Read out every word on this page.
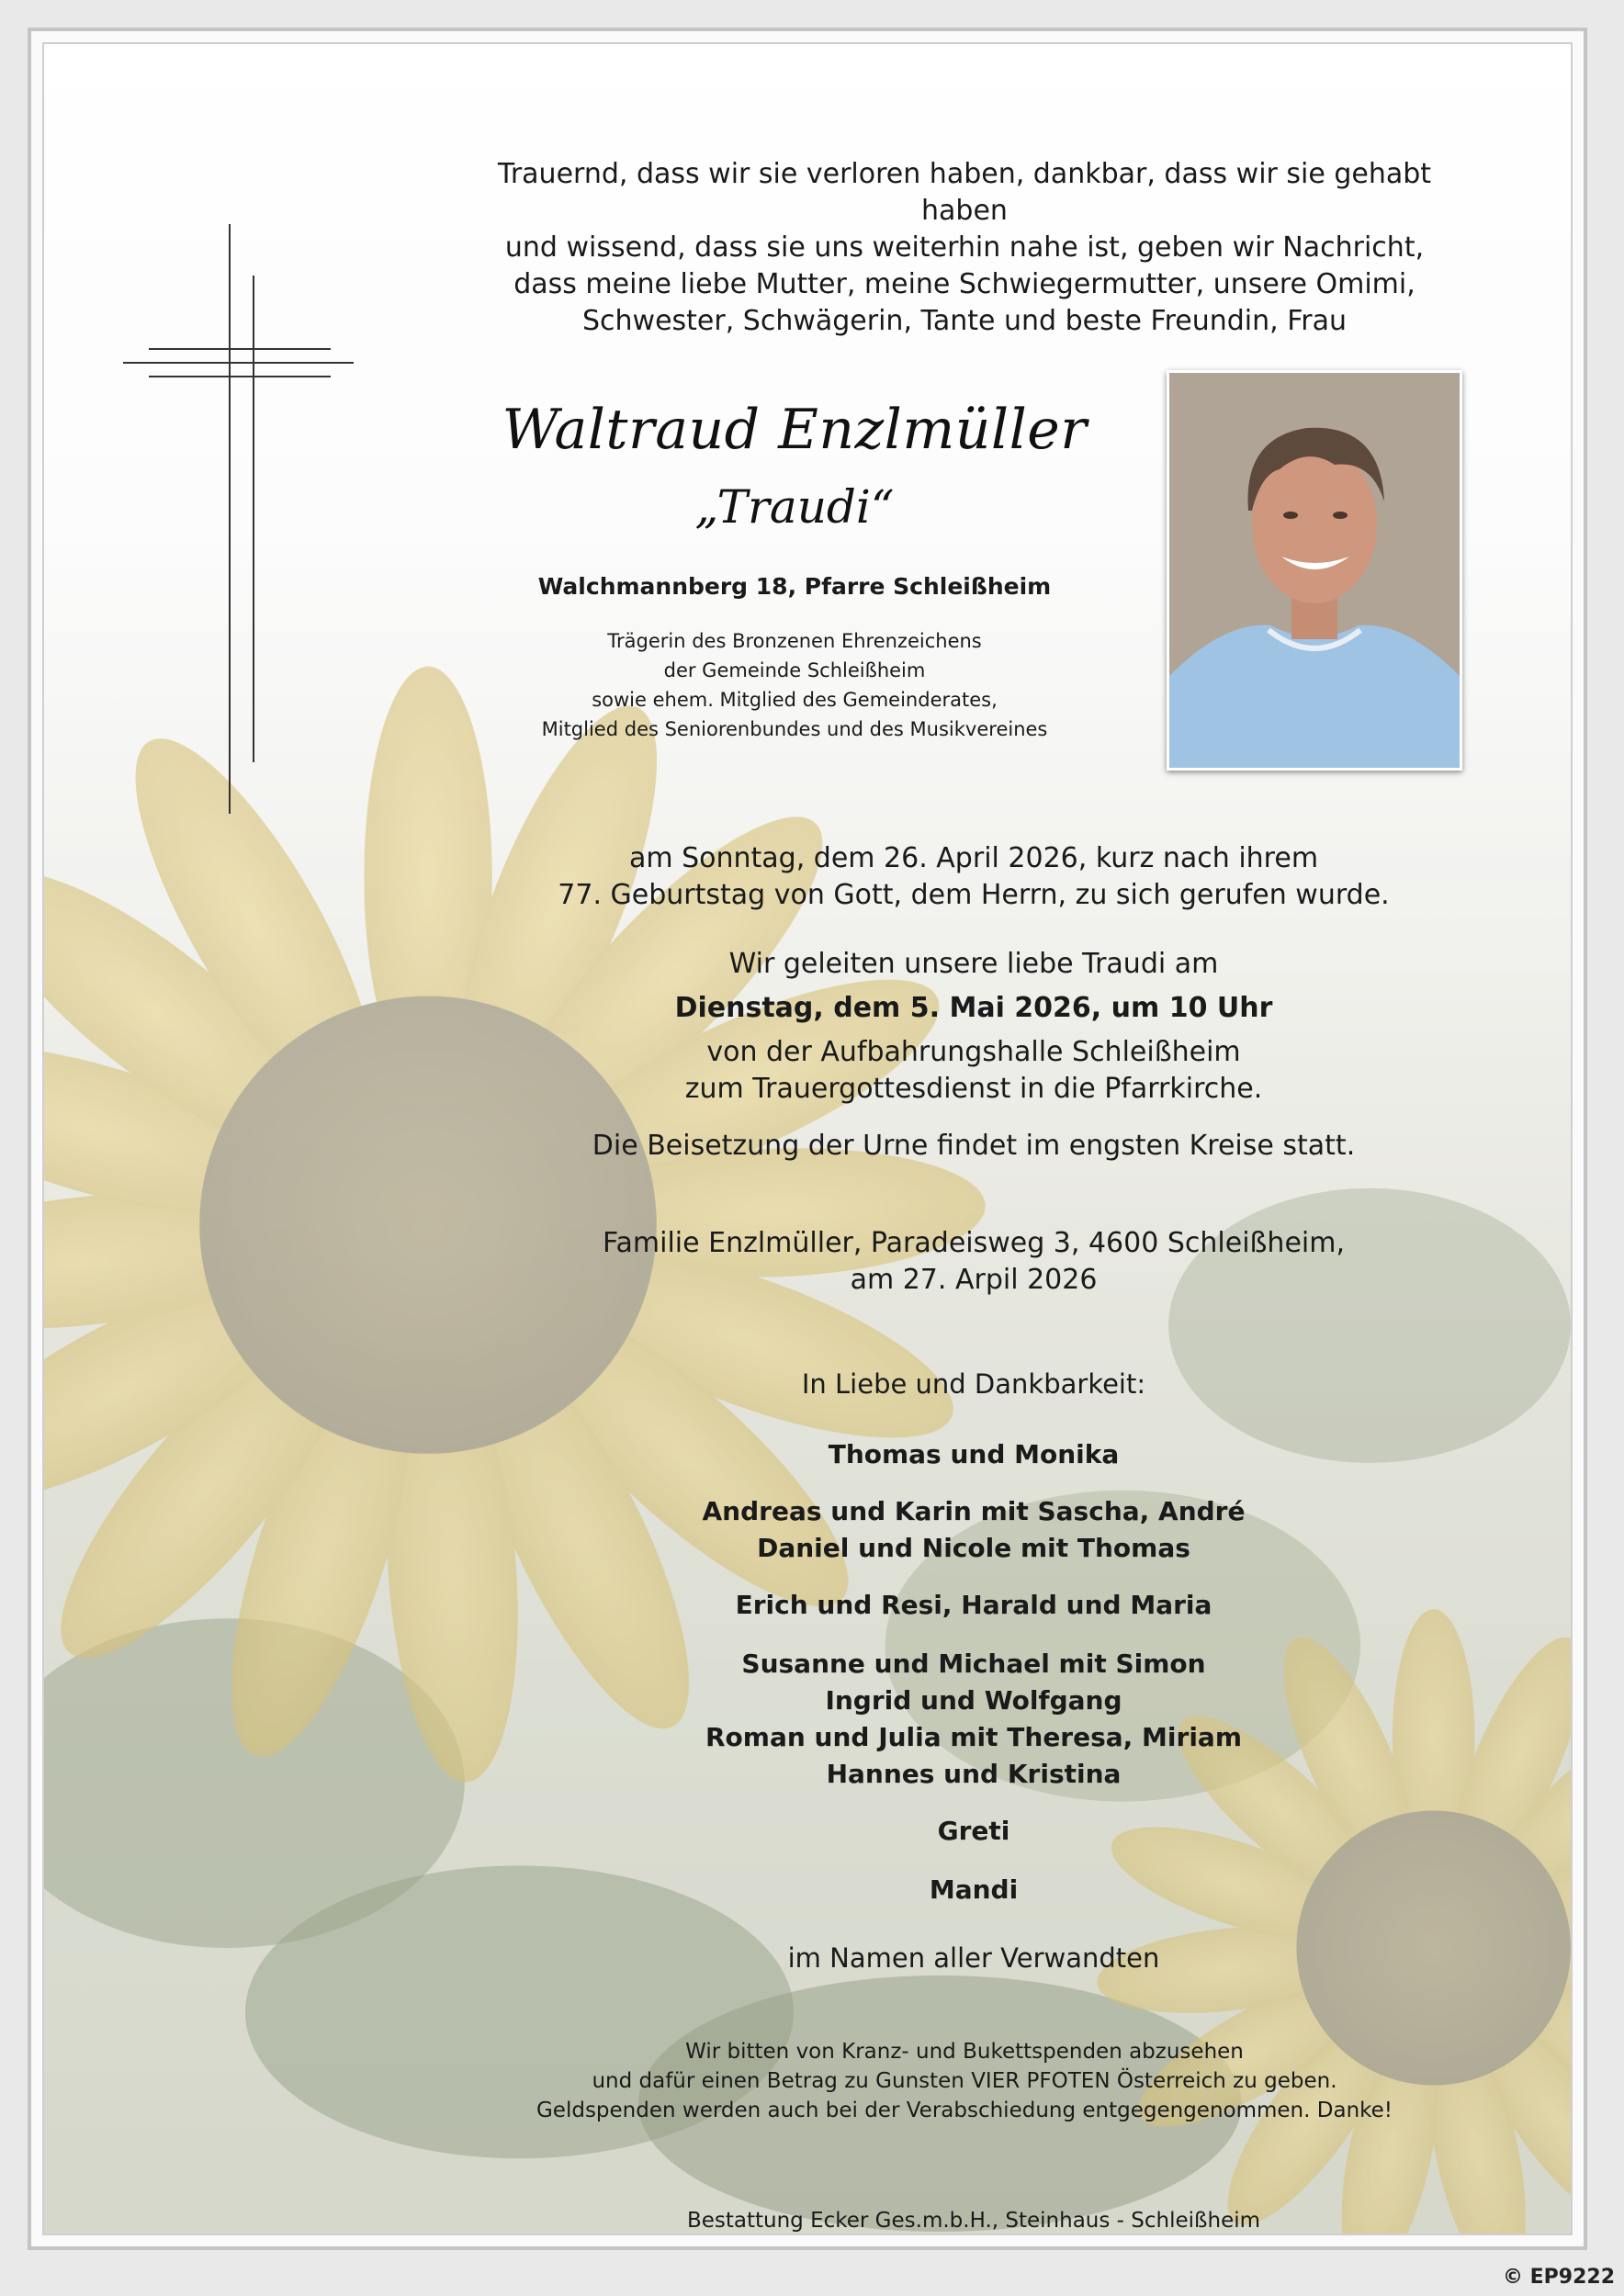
Trauernd, dass wir sie verloren haben, dankbar, dass wir sie gehabt haben
und wissend, dass sie uns weiterhin nahe ist, geben wir Nachricht,
dass meine liebe Mutter, meine Schwiegermutter, unsere Omimi,
Schwester, Schwägerin, Tante und beste Freundin, Frau
Waltraud Enzlmüller
„Traudi“
Walchmannberg 18, Pfarre Schleißheim
Trägerin des Bronzenen Ehrenzeichens
der Gemeinde Schleißheim
sowie ehem. Mitglied des Gemeinderates,
Mitglied des Seniorenbundes und des Musikvereines
am Sonntag, dem 26. April 2026, kurz nach ihrem
77. Geburtstag von Gott, dem Herrn, zu sich gerufen wurde.
Wir geleiten unsere liebe Traudi am
Dienstag, dem 5. Mai 2026, um 10 Uhr
von der Aufbahrungshalle Schleißheim
zum Trauergottesdienst in die Pfarrkirche.
Die Beisetzung der Urne findet im engsten Kreise statt.
Familie Enzlmüller, Paradeisweg 3, 4600 Schleißheim,
am 27. Arpil 2026
In Liebe und Dankbarkeit:
Thomas und Monika
Andreas und Karin mit Sascha, André
Daniel und Nicole mit Thomas
Erich und Resi, Harald und Maria
Susanne und Michael mit Simon
Ingrid und Wolfgang
Roman und Julia mit Theresa, Miriam
Hannes und Kristina
Greti
Mandi
im Namen aller Verwandten
Wir bitten von Kranz- und Bukettspenden abzusehen
und dafür einen Betrag zu Gunsten VIER PFOTEN Österreich zu geben.
Geldspenden werden auch bei der Verabschiedung entgegengenommen. Danke!
Bestattung Ecker Ges.m.b.H., Steinhaus - Schleißheim
© EP9222
